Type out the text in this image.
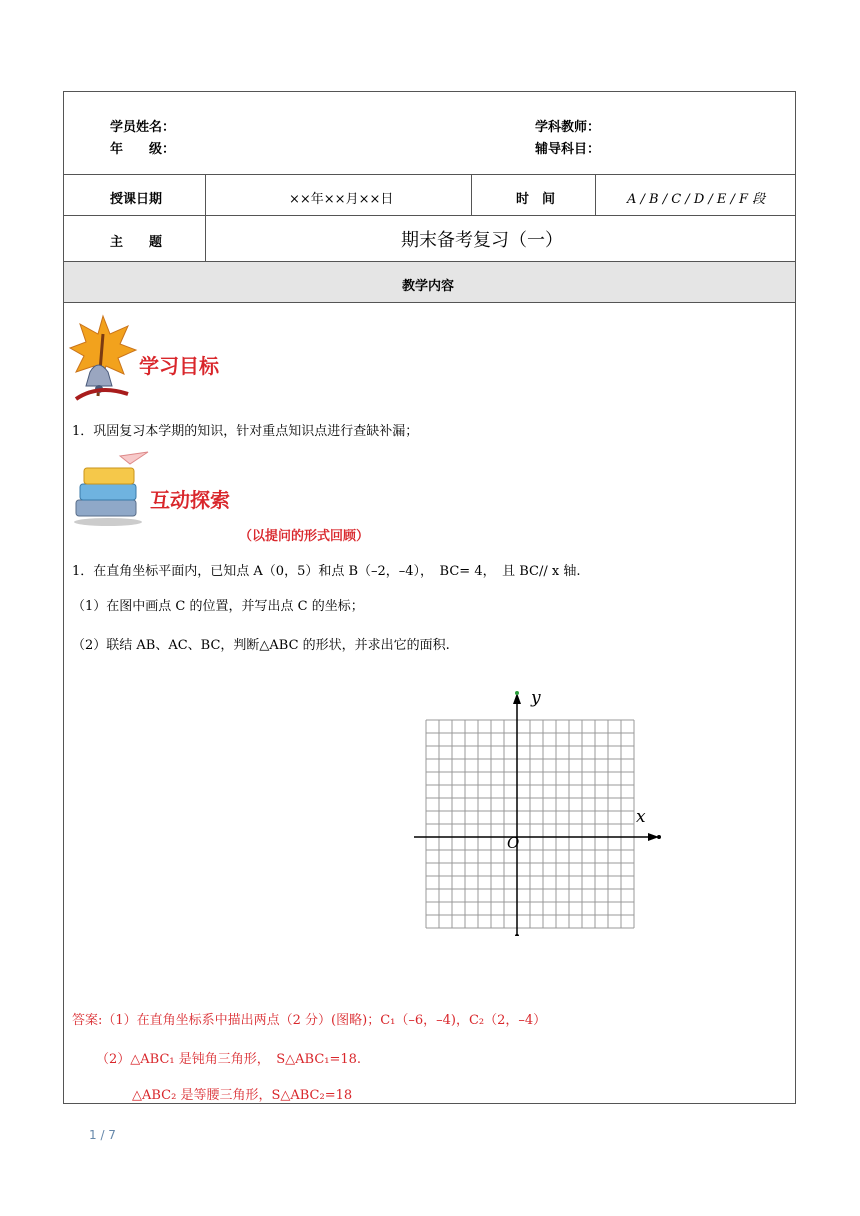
学员姓名：
年　　级：
学科教师：
辅导科目：
授课日期	××年××月××日	时　间	A / B / C / D / E / F 段
主　　题	期末备考复习（一）
教学内容
学习目标
1．巩固复习本学期的知识，针对重点知识点进行查缺补漏；
互动探索
（以提问的形式回顾）
1．在直角坐标平面内，已知点 A（0，5）和点 B（–2，–4），　BC= 4，　且 BC// x 轴.
（1）在图中画点 C 的位置，并写出点 C 的坐标；
（2）联结 AB、AC、BC，判断△ABC 的形状，并求出它的面积.
y
x
O
答案:（1）在直角坐标系中描出两点（2 分）(图略)；C₁（–6，–4)，C₂（2，–4）
（2）△ABC₁ 是钝角三角形，　S△ABC₁=18.
△ABC₂ 是等腰三角形，S△ABC₂=18
1 / 7
